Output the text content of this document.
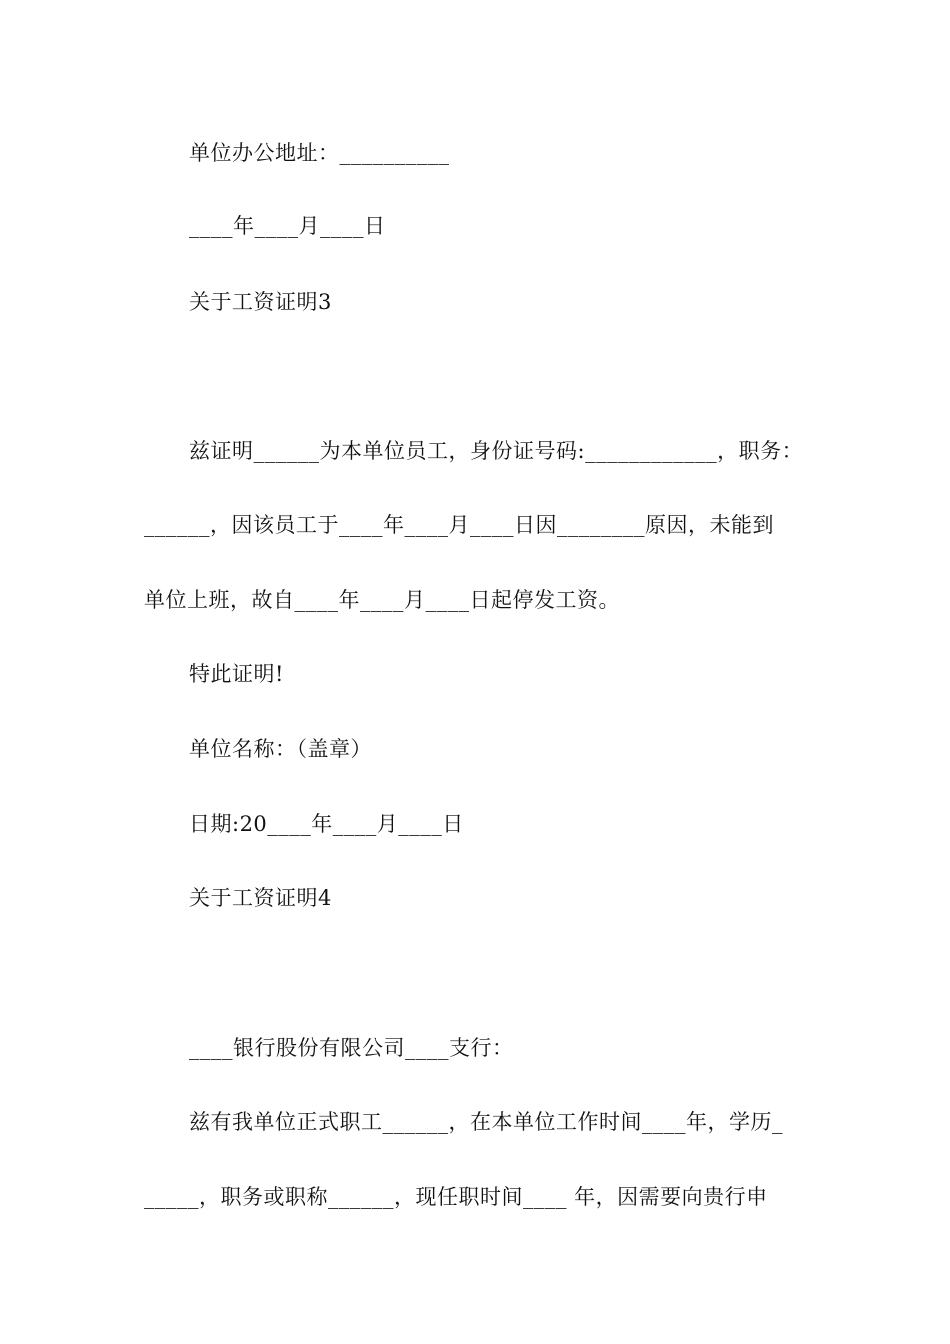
单位办公地址：__________
____年____月____日
关于工资证明3
兹证明______为本单位员工，身份证号码:____________，职务：
______，因该员工于____年____月____日因________原因，未能到
单位上班，故自____年____月____日起停发工资。
特此证明!
单位名称：（盖章）
日期:20____年____月____日
关于工资证明4
____银行股份有限公司____支行：
兹有我单位正式职工______，在本单位工作时间____年，学历_
_____，职务或职称______，现任职时间____ 年，因需要向贵行申
